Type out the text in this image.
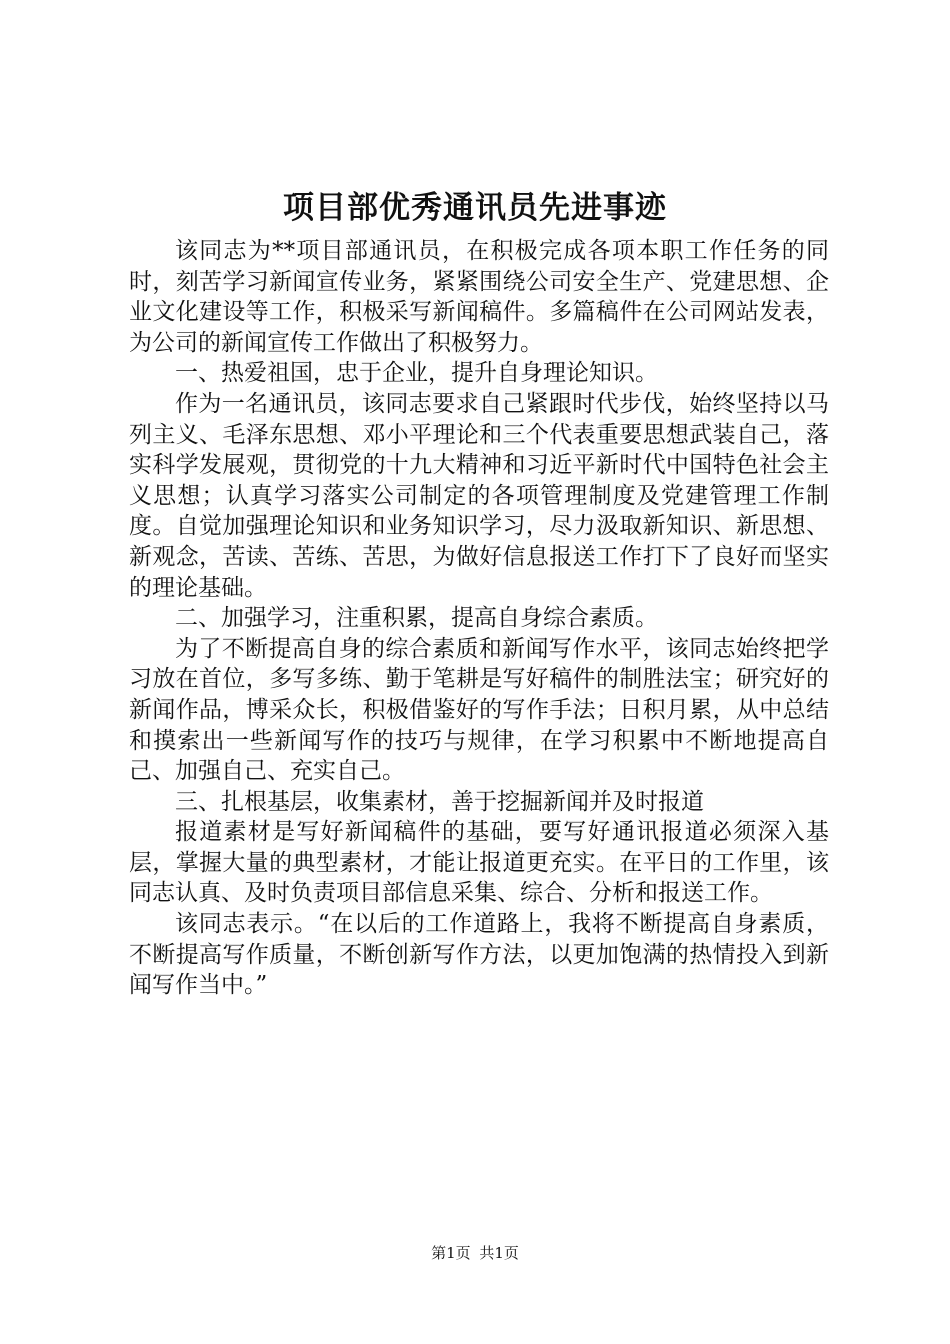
项目部优秀通讯员先进事迹

该同志为**项目部通讯员，在积极完成各项本职工作任务的同时，刻苦学习新闻宣传业务，紧紧围绕公司安全生产、党建思想、企业文化建设等工作，积极采写新闻稿件。多篇稿件在公司网站发表，为公司的新闻宣传工作做出了积极努力。

一、热爱祖国，忠于企业，提升自身理论知识。

作为一名通讯员，该同志要求自己紧跟时代步伐，始终坚持以马列主义、毛泽东思想、邓小平理论和三个代表重要思想武装自己，落实科学发展观，贯彻党的十九大精神和习近平新时代中国特色社会主义思想；认真学习落实公司制定的各项管理制度及党建管理工作制度。自觉加强理论知识和业务知识学习，尽力汲取新知识、新思想、新观念，苦读、苦练、苦思，为做好信息报送工作打下了良好而坚实的理论基础。

二、加强学习，注重积累，提高自身综合素质。

为了不断提高自身的综合素质和新闻写作水平，该同志始终把学习放在首位，多写多练、勤于笔耕是写好稿件的制胜法宝；研究好的新闻作品，博采众长，积极借鉴好的写作手法；日积月累，从中总结和摸索出一些新闻写作的技巧与规律，在学习积累中不断地提高自己、加强自己、充实自己。

三、扎根基层，收集素材，善于挖掘新闻并及时报道

报道素材是写好新闻稿件的基础，要写好通讯报道必须深入基层，掌握大量的典型素材，才能让报道更充实。在平日的工作里，该同志认真、及时负责项目部信息采集、综合、分析和报送工作。

该同志表示。“在以后的工作道路上，我将不断提高自身素质，不断提高写作质量，不断创新写作方法，以更加饱满的热情投入到新闻写作当中。”

第1页 共1页
